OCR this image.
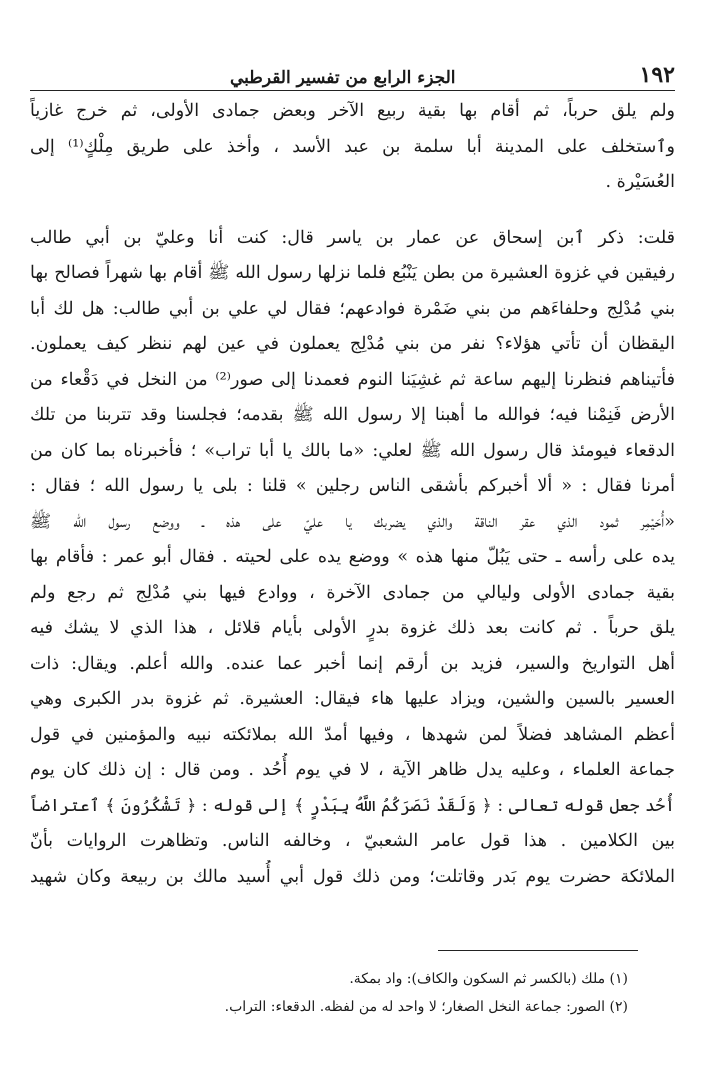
الجزء الرابع من تفسير القرطبي	١٩٢
ولم يلق حرباً، ثم أقام بها بقية ربيع الآخر وبعض جمادى الأولى، ثم خرج غازياً
وٱستخلف على المدينة أبا سلمة بن عبد الأسد ، وأخذ على طريق مِلْكٍ⁽¹⁾ إلى
العُسَيْرة .
قلت: ذكر ٱبن إسحاق عن عمار بن ياسر قال: كنت أنا وعليّ بن أبي طالب
رفيقين في غزوة العشيرة من بطن يَنْبُع فلما نزلها رسول الله ﷺ أقام بها شهراً فصالح بها
بني مُدْلِج وحلفاءَهم من بني ضَمْرة فوادعهم؛ فقال لي علي بن أبي طالب: هل لك أبا
اليقظان أن تأتي هؤلاء؟ نفر من بني مُدْلِج يعملون في عين لهم ننظر كيف يعملون.
فأتيناهم فنظرنا إليهم ساعة ثم غشِيَنا النوم فعمدنا إلى صور⁽²⁾ من النخل في دَقْعاء من
الأرض فَنِمْنا فيه؛ فوالله ما أهبنا إلا رسول الله ﷺ بقدمه؛ فجلسنا وقد تتربنا من تلك
الدقعاء فيومئذ قال رسول الله ﷺ لعلي: «ما بالك يا أبا تراب» ؛ فأخبرناه بما كان من
أمرنا فقال : « ألا أخبركم بأشقى الناس رجلين » قلنا : بلى يا رسول الله ؛ فقال :
«أُحَيْمِر ثمود الذي عقر الناقة والذي يضربك يا عليّ على هذه ـ ووضع رسول الله ﷺ
يده على رأسه ـ حتى يَبُلّ منها هذه » ووضع يده على لحيته . فقال أبو عمر : فأقام بها
بقية جمادى الأولى وليالي من جمادى الآخرة ، ووادع فيها بني مُدْلِج ثم رجع ولم
يلق حرباً . ثم كانت بعد ذلك غزوة بدرٍ الأولى بأيام قلائل ، هذا الذي لا يشك فيه
أهل التواريخ والسير، فزيد بن أرقم إنما أخبر عما عنده. والله أعلم. ويقال: ذات
العسير بالسين والشين، ويزاد عليها هاء فيقال: العشيرة. ثم غزوة بدر الكبرى وهي
أعظم المشاهد فضلاً لمن شهدها ، وفيها أمدّ الله بملائكته نبيه والمؤمنين في قول
جماعة العلماء ، وعليه يدل ظاهر الآية ، لا في يوم أُحُد . ومن قال : إن ذلك كان يوم
أُحُد جعل قوله تعالى : ﴿ وَلَقَدْ نَصَرَكُمُ اللَّهُ بِبَدْرٍ ﴾ إلى قوله : ﴿ تَشْكُرُونَ ﴾ ٱعتراضاً
بين الكلامين . هذا قول عامر الشعبيّ ، وخالفه الناس. وتظاهرت الروايات بأنّ
الملائكة حضرت يوم بَدر وقاتلت؛ ومن ذلك قول أبي أُسيد مالك بن ربيعة وكان شهيد
(١) ملك (بالكسر ثم السكون والكاف): واد بمكة.
(٢) الصور: جماعة النخل الصغار؛ لا واحد له من لفظه. الدقعاء: التراب.
